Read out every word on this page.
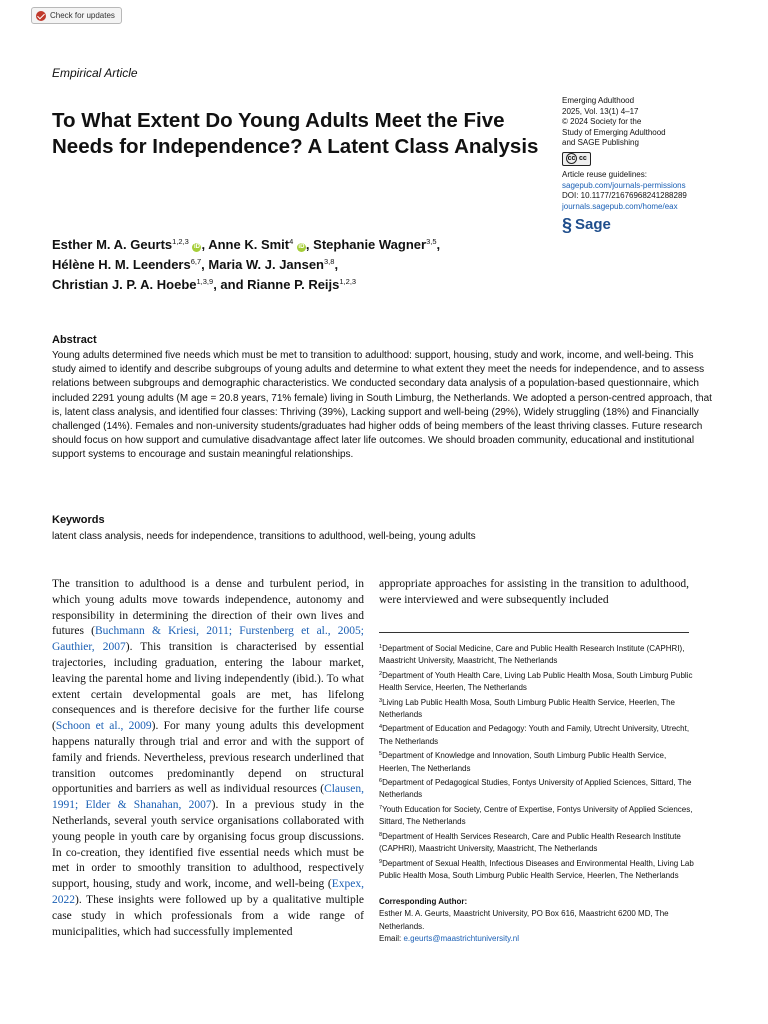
Check for updates
Empirical Article
To What Extent Do Young Adults Meet the Five Needs for Independence? A Latent Class Analysis
Emerging Adulthood
2025, Vol. 13(1) 4–17
© 2024 Society for the
Study of Emerging Adulthood
and SAGE Publishing
cc cc
Article reuse guidelines:
sagepub.com/journals-permissions
DOI: 10.1177/21676968241288289
journals.sagepub.com/home/eax
§ Sage
Esther M. A. Geurts$^{1,2,3}$ iD , Anne K. Smit$^4$ iD , Stephanie Wagner$^{3,5}$,
Hélène H. M. Leenders$^{6,7}$, Maria W. J. Jansen$^{3,8}$,
Christian J. P. A. Hoebe$^{1,3,9}$, and Rianne P. Reijs$^{1,2,3}$
Abstract

Young adults determined five needs which must be met to transition to adulthood: support, housing, study and work, income, and well-being. This study aimed to identify and describe subgroups of young adults and determine to what extent they meet the needs for independence, and to assess relations between subgroups and demographic characteristics. We conducted secondary data analysis of a population-based questionnaire, which included 2291 young adults (M age = 20.8 years, 71% female) living in South Limburg, the Netherlands. We adopted a person-centred approach, that is, latent class analysis, and identified four classes: Thriving (39%), Lacking support and well-being (29%), Widely struggling (18%) and Financially challenged (14%). Females and non-university students/graduates had higher odds of being members of the least thriving classes. Future research should focus on how support and cumulative disadvantage affect later life outcomes. We should broaden community, educational and institutional support systems to encourage and sustain meaningful relationships.

Keywords
latent class analysis, needs for independence, transitions to adulthood, well-being, young adults

The transition to adulthood is a dense and turbulent period, in which young adults move towards independence, autonomy and responsibility in determining the direction of their own lives and futures (Buchmann & Kriesi, 2011; Furstenberg et al., 2005; Gauthier, 2007). This transition is characterised by essential trajectories, including graduation, entering the labour market, leaving the parental home and living independently (ibid.). To what extent certain developmental goals are met, has lifelong consequences and is therefore decisive for the further life course (Schoon et al., 2009). For many young adults this development happens naturally through trial and error and with the support of family and friends. Nevertheless, previous research underlined that transition outcomes predominantly depend on structural opportunities and barriers as well as individual resources (Clausen, 1991; Elder & Shanahan, 2007). In a previous study in the Netherlands, several youth service organisations collaborated with young people in youth care by organising focus group discussions. In co-creation, they identified five essential needs which must be met in order to smoothly transition to adulthood, respectively support, housing, study and work, income, and well-being (Expex, 2022). These insights were followed up by a qualitative multiple case study in which professionals from a wide range of municipalities, which had successfully implemented

appropriate approaches for assisting in the transition to adulthood, were interviewed and were subsequently included

$^1$Department of Social Medicine, Care and Public Health Research Institute (CAPHRI), Maastricht University, Maastricht, The Netherlands
$^2$Department of Youth Health Care, Living Lab Public Health Mosa, South Limburg Public Health Service, Heerlen, The Netherlands
$^3$Living Lab Public Health Mosa, South Limburg Public Health Service, Heerlen, The Netherlands
$^4$Department of Education and Pedagogy: Youth and Family, Utrecht University, Utrecht, The Netherlands
$^5$Department of Knowledge and Innovation, South Limburg Public Health Service, Heerlen, The Netherlands
$^6$Department of Pedagogical Studies, Fontys University of Applied Sciences, Sittard, The Netherlands
$^7$Youth Education for Society, Centre of Expertise, Fontys University of Applied Sciences, Sittard, The Netherlands
$^8$Department of Health Services Research, Care and Public Health Research Institute (CAPHRI), Maastricht University, Maastricht, The Netherlands
$^9$Department of Sexual Health, Infectious Diseases and Environmental Health, Living Lab Public Health Mosa, South Limburg Public Health Service, Heerlen, The Netherlands
Corresponding Author:
Esther M. A. Geurts, Maastricht University, PO Box 616, Maastricht 6200 MD, The Netherlands.
Email: e.geurts@maastrichtuniversity.nl
